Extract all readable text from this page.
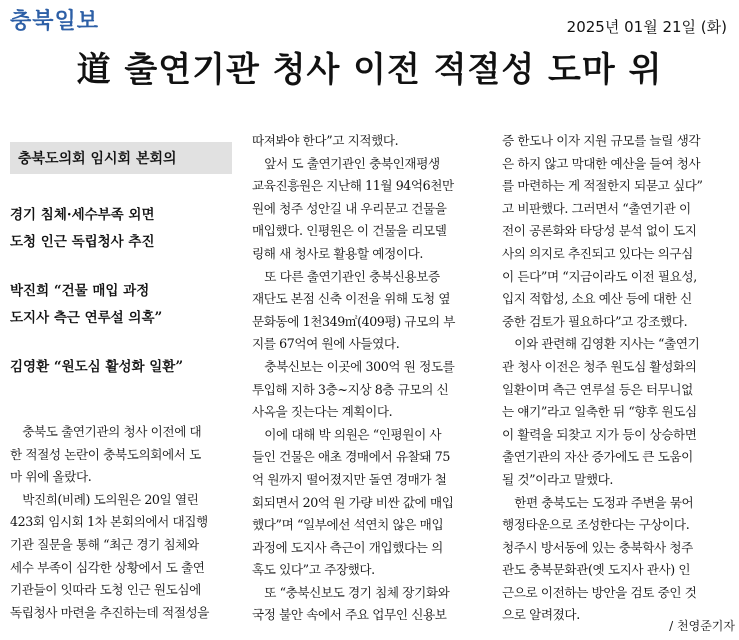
충북일보	2025년 01월 21일 (화)
道 출연기관 청사 이전 적절성 도마 위
충북도의회 임시회 본회의
경기 침체·세수부족 외면
도청 인근 독립청사 추진
박진희 “건물 매입 과정
도지사 측근 연루설 의혹”
김영환 “원도심 활성화 일환”

　충북도 출연기관의 청사 이전에 대

한 적절성 논란이 충북도의회에서 도

마 위에 올랐다.

　박진희(비례) 도의원은 20일 열린

423회 임시회 1차 본회의에서 대집행

기관 질문을 통해 “최근 경기 침체와

세수 부족이 심각한 상황에서 도 출연

기관들이 잇따라 도청 인근 원도심에

독립청사 마련을 추진하는데 적절성을

따져봐야 한다”고 지적했다.

　앞서 도 출연기관인 충북인재평생

교육진흥원은 지난해 11월 94억6천만

원에 청주 성안길 내 우리문고 건물을

매입했다. 인평원은 이 건물을 리모델

링해 새 청사로 활용할 예정이다.

　또 다른 출연기관인 충북신용보증

재단도 본점 신축 이전을 위해 도청 옆

문화동에 1천349㎡(409평) 규모의 부

지를 67억여 원에 사들였다.

　충북신보는 이곳에 300억 원 정도를

투입해 지하 3층~지상 8층 규모의 신

사옥을 짓는다는 계획이다.

　이에 대해 박 의원은 “인평원이 사

들인 건물은 애초 경매에서 유찰돼 75

억 원까지 떨어졌지만 돌연 경매가 철

회되면서 20억 원 가량 비싼 값에 매입

했다”며 “일부에선 석연치 않은 매입

과정에 도지사 측근이 개입했다는 의

혹도 있다”고 주장했다.

　또 “충북신보도 경기 침체 장기화와

국정 불안 속에서 주요 업무인 신용보

증 한도나 이자 지원 규모를 늘릴 생각

은 하지 않고 막대한 예산을 들여 청사

를 마련하는 게 적절한지 되묻고 싶다”

고 비판했다. 그러면서 “출연기관 이

전이 공론화와 타당성 분석 없이 도지

사의 의지로 추진되고 있다는 의구심

이 든다”며 “지금이라도 이전 필요성,

입지 적합성, 소요 예산 등에 대한 신

중한 검토가 필요하다”고 강조했다.

　이와 관련해 김영환 지사는 “출연기

관 청사 이전은 청주 원도심 활성화의

일환이며 측근 연루설 등은 터무니없

는 얘기”라고 일축한 뒤 “향후 원도심

이 활력을 되찾고 지가 등이 상승하면

출연기관의 자산 증가에도 큰 도움이

될 것”이라고 말했다.

　한편 충북도는 도정과 주변을 묶어

행정타운으로 조성한다는 구상이다.

청주시 방서동에 있는 충북학사 청주

관도 충북문화관(옛 도지사 관사) 인

근으로 이전하는 방안을 검토 중인 것

으로 알려졌다.

/ 천영준기자
